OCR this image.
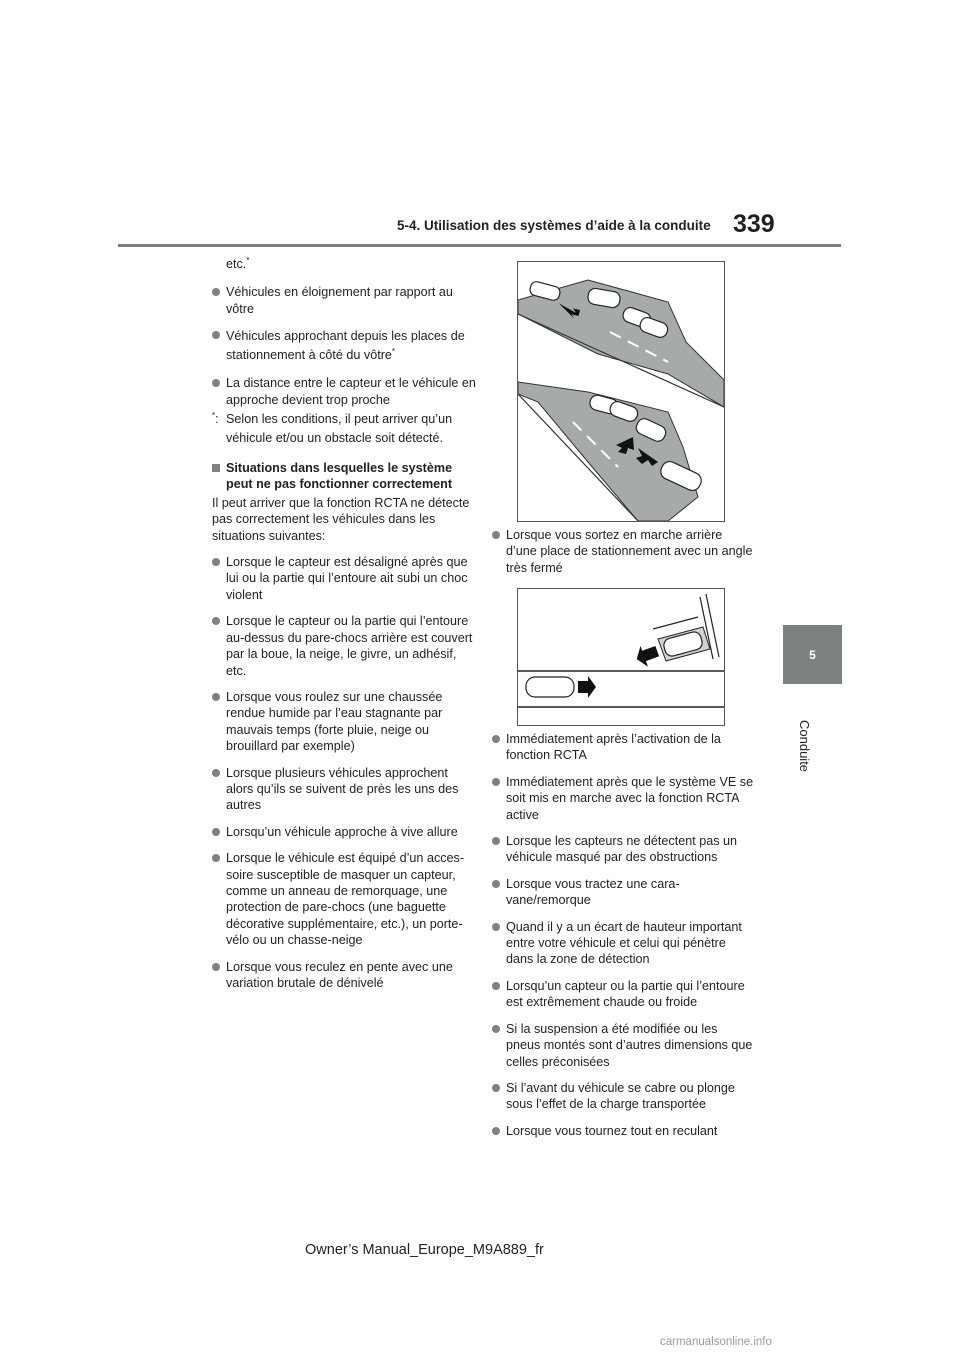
5-4. Utilisation des systèmes d’aide à la conduite 339
5
Conduite

etc.*

Véhicules en éloignement par rapport au vôtre

Véhicules approchant depuis les places de stationnement à côté du vôtre*

La distance entre le capteur et le véhicule en approche devient trop proche

*: Selon les conditions, il peut arriver qu’un véhicule et/ou un obstacle soit détecté.

Situations dans lesquelles le système peut ne pas fonctionner correctement

Il peut arriver que la fonction RCTA ne détecte pas correctement les véhicules dans les situations suivantes:

Lorsque le capteur est désaligné après que lui ou la partie qui l’entoure ait subi un choc violent

Lorsque le capteur ou la partie qui l’entoure au-dessus du pare-chocs arrière est couvert par la boue, la neige, le givre, un adhésif, etc.

Lorsque vous roulez sur une chaussée rendue humide par l’eau stagnante par mauvais temps (forte pluie, neige ou brouillard par exemple)

Lorsque plusieurs véhicules approchent alors qu’ils se suivent de près les uns des autres

Lorsqu’un véhicule approche à vive allure

Lorsque le véhicule est équipé d’un acces-soire susceptible de masquer un capteur, comme un anneau de remorquage, une protection de pare-chocs (une baguette décorative supplémentaire, etc.), un porte-vélo ou un chasse-neige

Lorsque vous reculez en pente avec une variation brutale de dénivelé

Lorsque vous sortez en marche arrière d’une place de stationnement avec un angle très fermé

Immédiatement après l’activation de la fonction RCTA

Immédiatement après que le système VE se soit mis en marche avec la fonction RCTA active

Lorsque les capteurs ne détectent pas un véhicule masqué par des obstructions

Lorsque vous tractez une cara-vane/remorque

Quand il y a un écart de hauteur important entre votre véhicule et celui qui pénètre dans la zone de détection

Lorsqu’un capteur ou la partie qui l’entoure est extrêmement chaude ou froide

Si la suspension a été modifiée ou les pneus montés sont d’autres dimensions que celles préconisées

Si l’avant du véhicule se cabre ou plonge sous l’effet de la charge transportée

Lorsque vous tournez tout en reculant

Owner’s Manual_Europe_M9A889_fr
carmanualsonline.info
